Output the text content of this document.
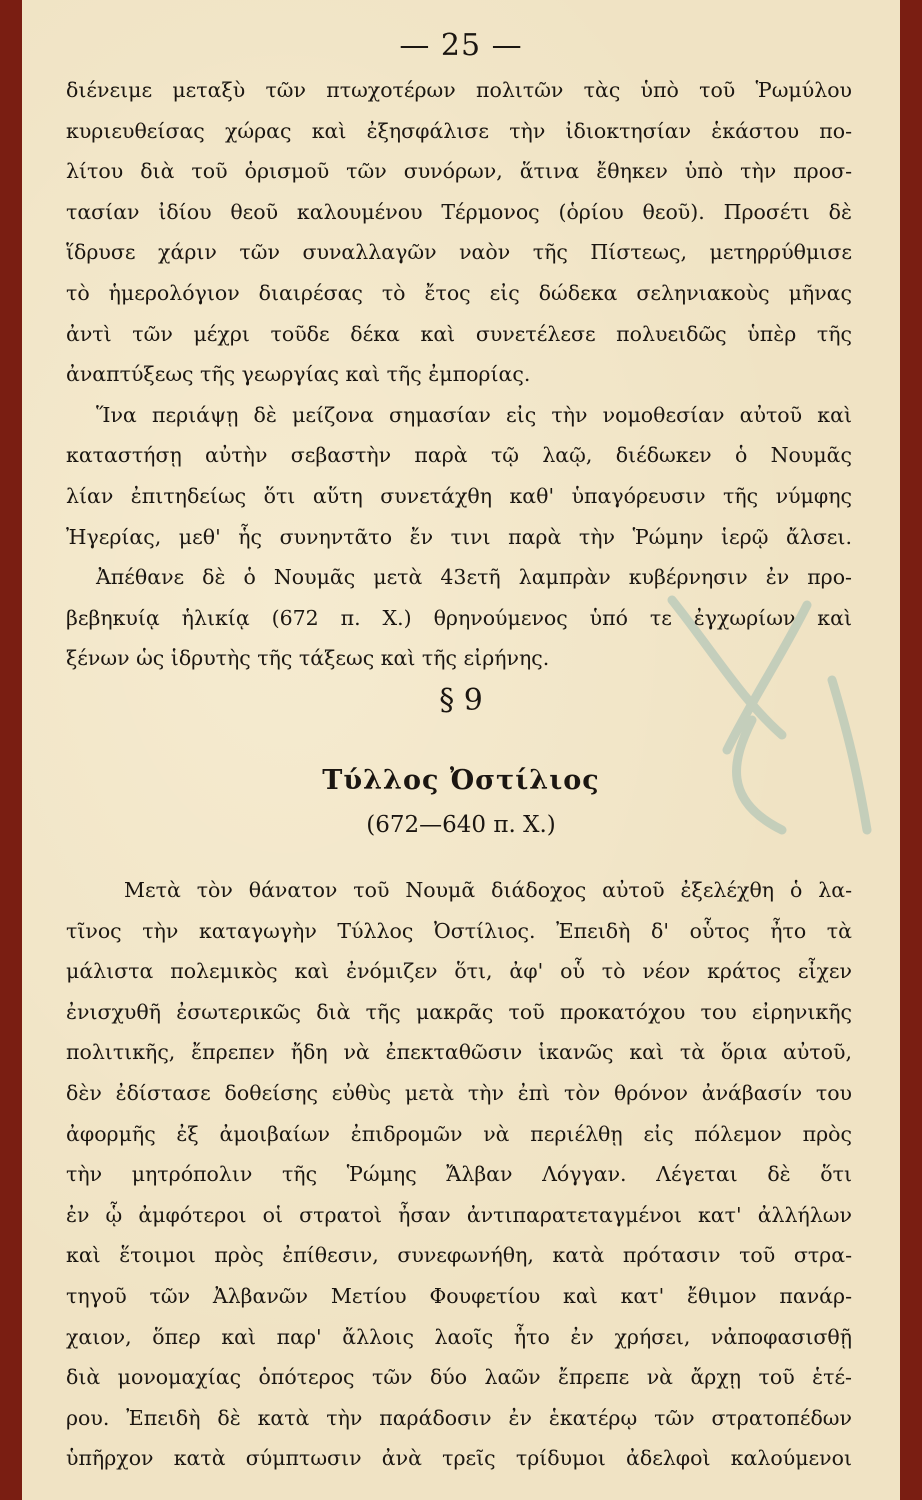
— 25 —
διένειμε μεταξὺ τῶν πτωχοτέρων πολιτῶν τὰς ὑπὸ τοῦ Ῥωμύλου
κυριευθείσας χώρας καὶ ἐξησφάλισε τὴν ἰδιοκτησίαν ἑκάστου πο-
λίτου διὰ τοῦ ὁρισμοῦ τῶν συνόρων, ἅτινα ἔθηκεν ὑπὸ τὴν προσ-
τασίαν ἰδίου θεοῦ καλουμένου Τέρμονος (ὁρίου θεοῦ). Προσέτι δὲ
ἵδρυσε χάριν τῶν συναλλαγῶν ναὸν τῆς Πίστεως, μετηρρύθμισε
τὸ ἡμερολόγιον διαιρέσας τὸ ἔτος εἰς δώδεκα σεληνιακοὺς μῆνας
ἀντὶ τῶν μέχρι τοῦδε δέκα καὶ συνετέλεσε πολυειδῶς ὑπὲρ τῆς
ἀναπτύξεως τῆς γεωργίας καὶ τῆς ἐμπορίας.
Ἵνα περιάψῃ δὲ μείζονα σημασίαν εἰς τὴν νομοθεσίαν αὐτοῦ καὶ
καταστήσῃ αὐτὴν σεβαστὴν παρὰ τῷ λαῷ, διέδωκεν ὁ Νουμᾶς
λίαν ἐπιτηδείως ὅτι αὕτη συνετάχθη καθ' ὑπαγόρευσιν τῆς νύμφης
Ἠγερίας, μεθ' ἧς συνηντᾶτο ἔν τινι παρὰ τὴν Ῥώμην ἱερῷ ἄλσει.
Ἀπέθανε δὲ ὁ Νουμᾶς μετὰ 43ετῆ λαμπρὰν κυβέρνησιν ἐν προ-
βεβηκυίᾳ ἡλικίᾳ (672 π. Χ.) θρηνούμενος ὑπό τε ἐγχωρίων καὶ
ξένων ὡς ἱδρυτὴς τῆς τάξεως καὶ τῆς εἰρήνης.
§ 9
Τύλλος Ὀστίλιος
(672—640 π. Χ.)
Μετὰ τὸν θάνατον τοῦ Νουμᾶ διάδοχος αὐτοῦ ἐξελέχθη ὁ λα-
τῖνος τὴν καταγωγὴν Τύλλος Ὀστίλιος. Ἐπειδὴ δ' οὗτος ἦτο τὰ
μάλιστα πολεμικὸς καὶ ἐνόμιζεν ὅτι, ἀφ' οὗ τὸ νέον κράτος εἶχεν
ἐνισχυθῆ ἐσωτερικῶς διὰ τῆς μακρᾶς τοῦ προκατόχου του εἰρηνικῆς
πολιτικῆς, ἔπρεπεν ἤδη νὰ ἐπεκταθῶσιν ἱκανῶς καὶ τὰ ὅρια αὐτοῦ,
δὲν ἐδίστασε δοθείσης εὐθὺς μετὰ τὴν ἐπὶ τὸν θρόνον ἀνάβασίν του
ἀφορμῆς ἐξ ἀμοιβαίων ἐπιδρομῶν νὰ περιέλθῃ εἰς πόλεμον πρὸς
τὴν μητρόπολιν τῆς Ῥώμης Ἄλβαν Λόγγαν. Λέγεται δὲ ὅτι
ἐν ᾧ ἀμφότεροι οἱ στρατοὶ ἦσαν ἀντιπαρατεταγμένοι κατ' ἀλλήλων
καὶ ἕτοιμοι πρὸς ἐπίθεσιν, συνεφωνήθη, κατὰ πρότασιν τοῦ στρα-
τηγοῦ τῶν Ἀλβανῶν Μετίου Φουφετίου καὶ κατ' ἔθιμον πανάρ-
χαιον, ὅπερ καὶ παρ' ἄλλοις λαοῖς ἦτο ἐν χρήσει, νἀποφασισθῇ
διὰ μονομαχίας ὁπότερος τῶν δύο λαῶν ἔπρεπε νὰ ἄρχῃ τοῦ ἑτέ-
ρου. Ἐπειδὴ δὲ κατὰ τὴν παράδοσιν ἐν ἑκατέρῳ τῶν στρατοπέδων
ὑπῆρχον κατὰ σύμπτωσιν ἀνὰ τρεῖς τρίδυμοι ἀδελφοὶ καλούμενοι
